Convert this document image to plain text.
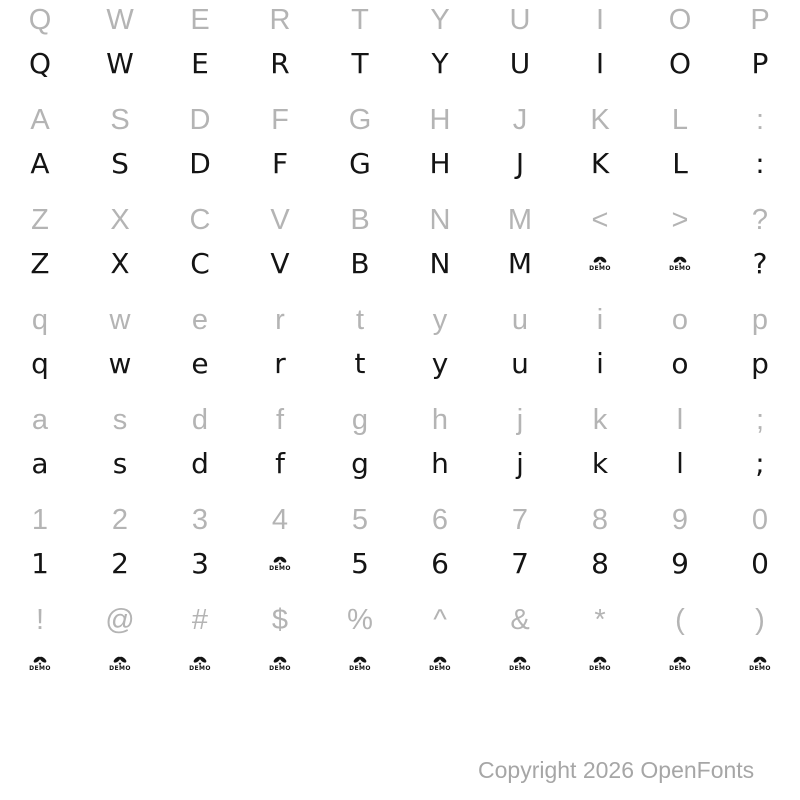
Q W E R T Y U I O P
Q W E R T Y U I O P
A S D F G H J K L :
A S D F G H J K L :
Z X C V B N M < > ?
Z X C V B N M	DEMO	DEMO ?
q w e r t y u i o p
q w e r t y u i o p
a s d f g h j k l	;
a s d f g h j k l	;
1 2 3 4 5 6 7 8 9 0
1 2 3	DEMO 5 6 7 8 9 0
! @ # $ % ^ & * ( )
DEMO	DEMO	DEMO	DEMO	DEMO	DEMO	DEMO	DEMO	DEMO	DEMO
Copyright 2026 OpenFonts
